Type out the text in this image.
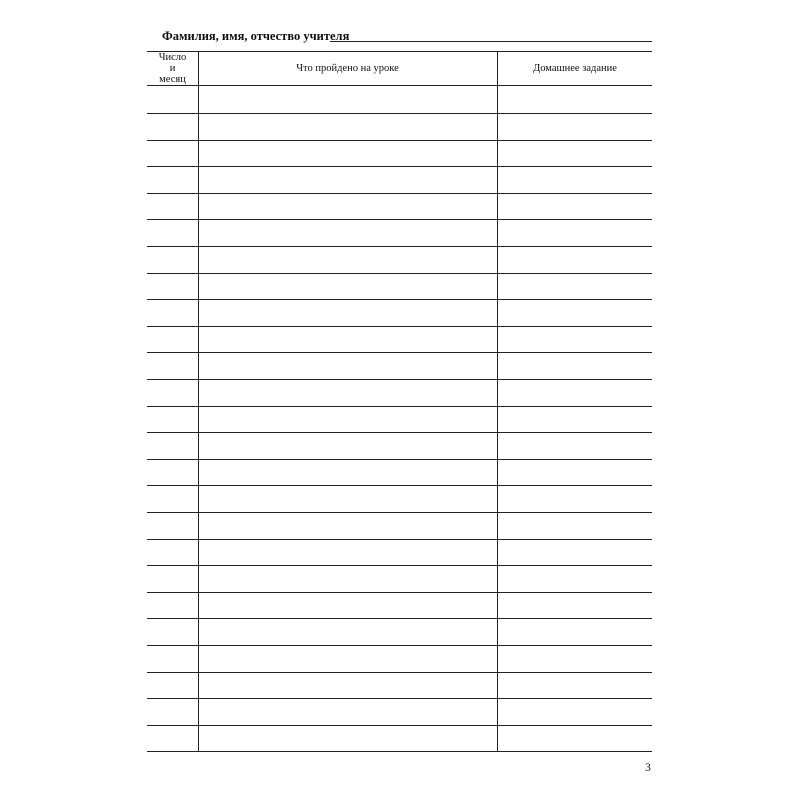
Фамилия, имя, отчество учителя
Число
и
месяц
Что пройдено на уроке	Домашнее задание
3
